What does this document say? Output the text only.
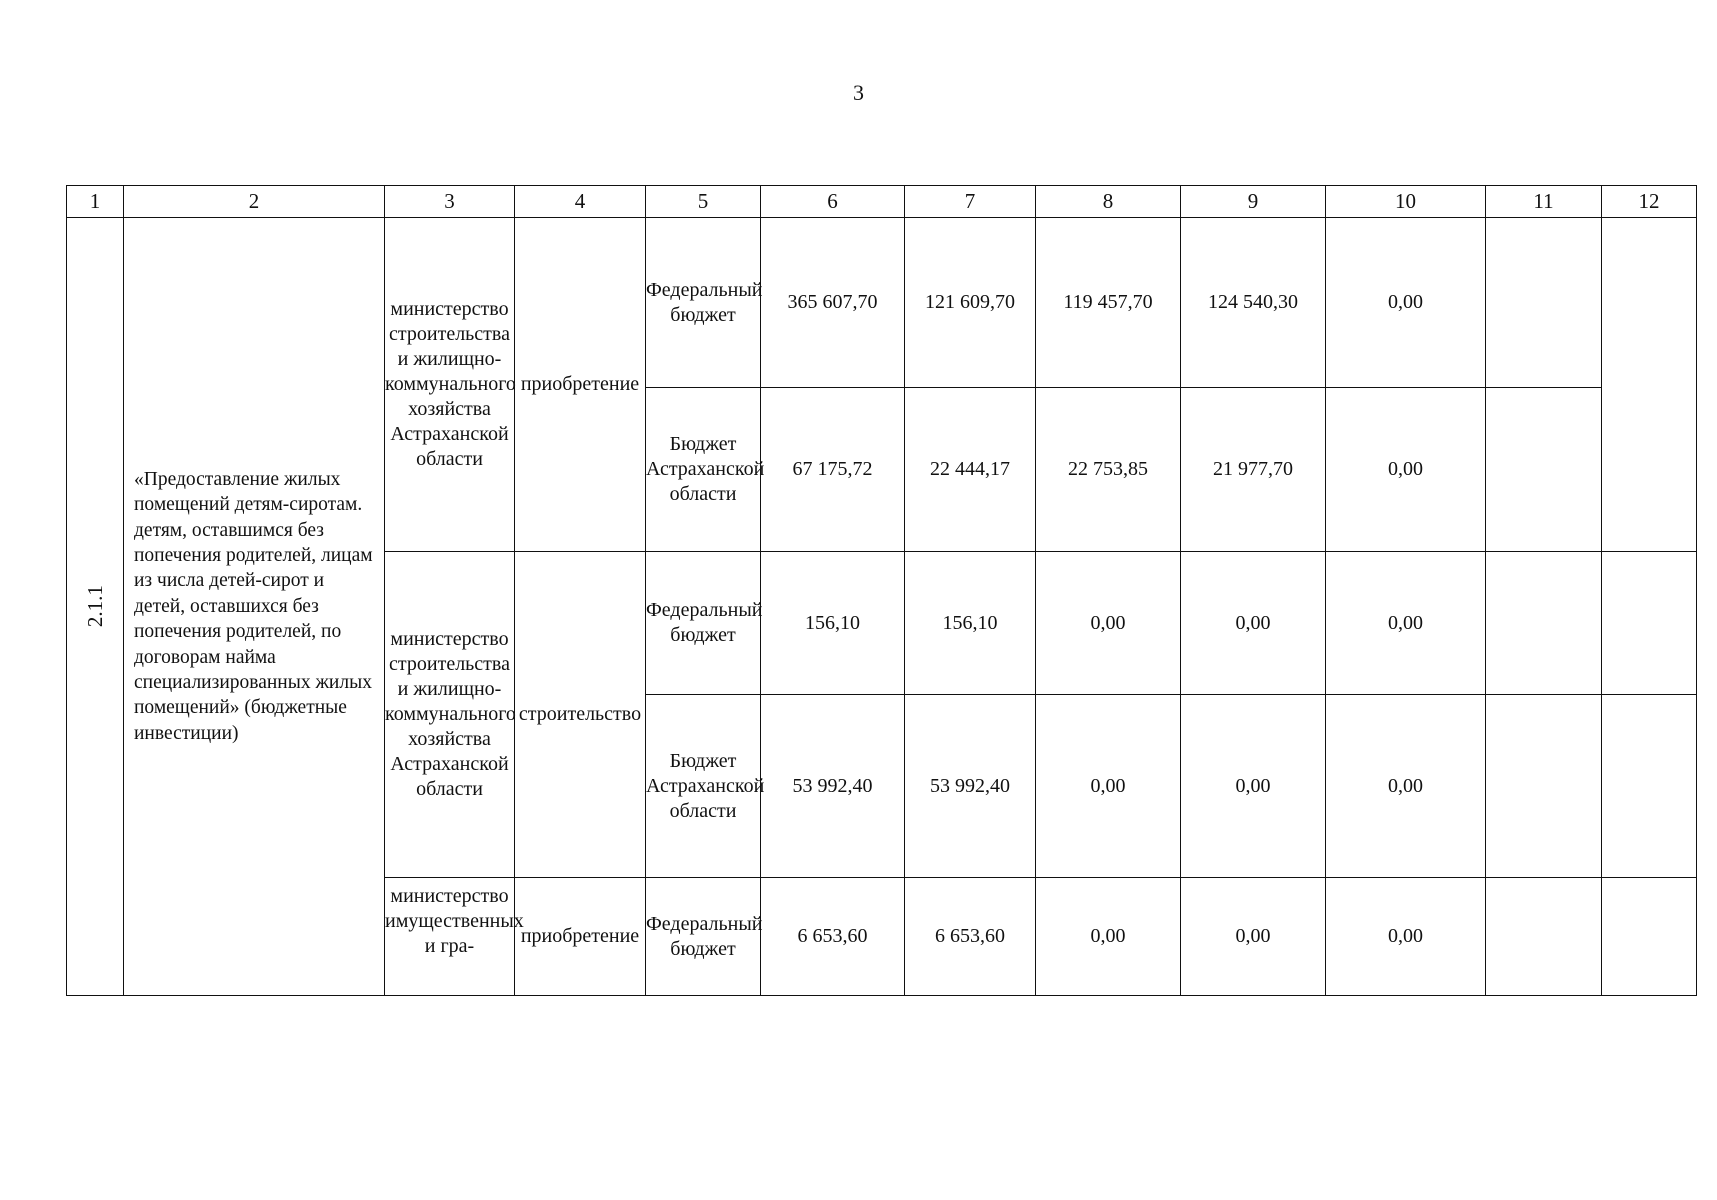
3
1	2	3	4	5	6	7	8	9	10	11	12
2.1.1	«Предоставление жилых помещений детям-сиротам. детям, оставшимся без попечения родителей, лицам из числа детей-сирот и детей, оставшихся без попечения родителей, по договорам найма специализированных жилых помещений» (бюджетные инвестиции)	министерство строительства и жилищно-коммунального хозяйства Астраханской области	приобретение	Федеральный бюджет	365 607,70	121 609,70	119 457,70	124 540,30	0,00		
				Бюджет Астраханской области	67 175,72	22 444,17	22 753,85	21 977,70	0,00		
		министерство строительства и жилищно-коммунального хозяйства Астраханской области	строительство	Федеральный бюджет	156,10	156,10	0,00	0,00	0,00		
				Бюджет Астраханской области	53 992,40	53 992,40	0,00	0,00	0,00		
		министерство имущественных и гра-	приобретение	Федеральный бюджет	6 653,60	6 653,60	0,00	0,00	0,00		
